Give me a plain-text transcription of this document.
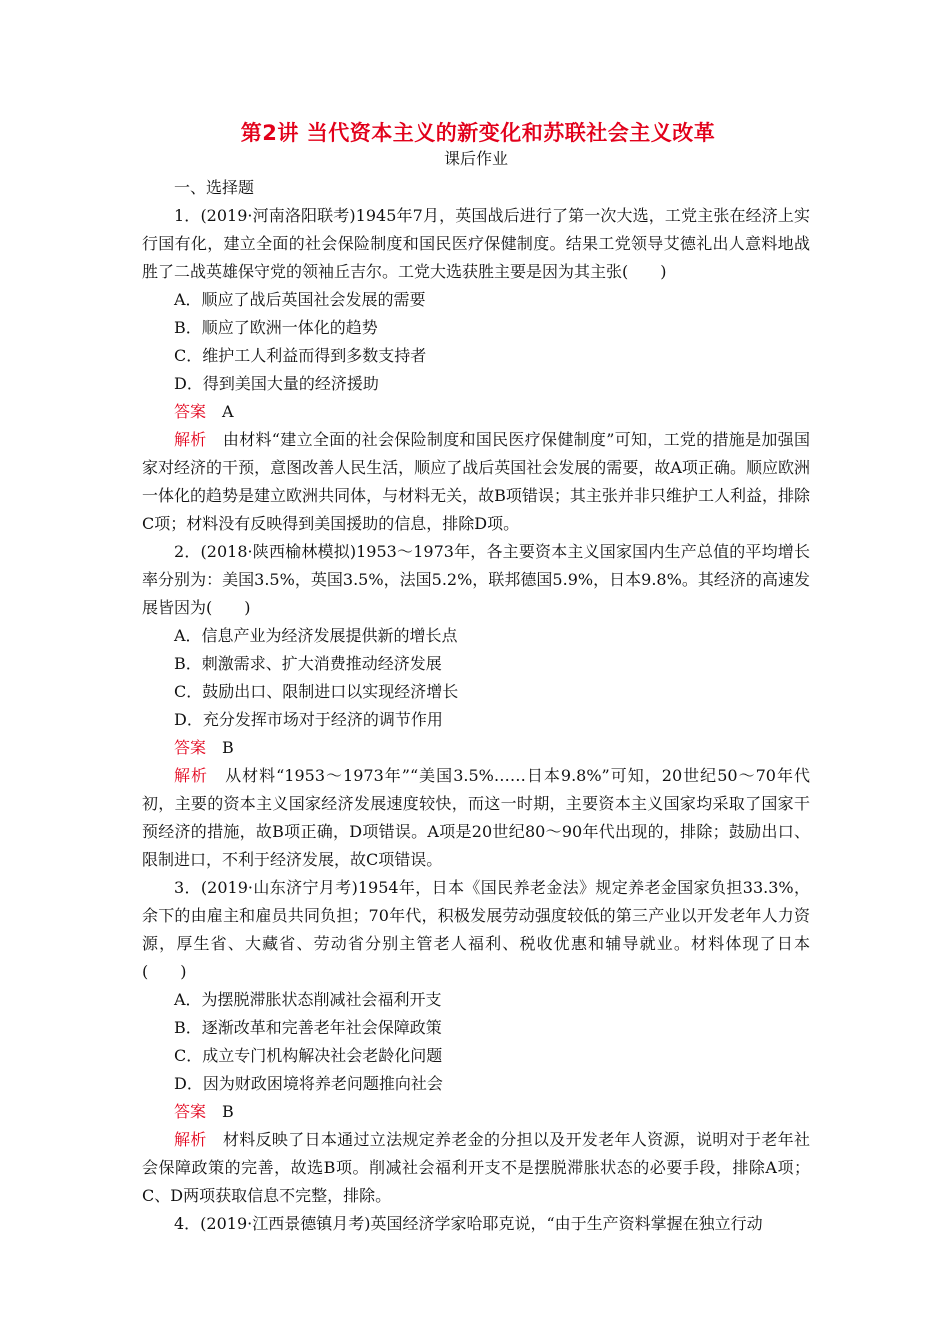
第2讲 当代资本主义的新变化和苏联社会主义改革
课后作业

一、选择题

1．(2019·河南洛阳联考)1945年7月，英国战后进行了第一次大选，工党主张在经济上实行国有化，建立全面的社会保险制度和国民医疗保健制度。结果工党领导艾德礼出人意料地战胜了二战英雄保守党的领袖丘吉尔。工党大选获胜主要是因为其主张(　　)

A．顺应了战后英国社会发展的需要

B．顺应了欧洲一体化的趋势

C．维护工人利益而得到多数支持者

D．得到美国大量的经济援助

答案 A

解析 由材料“建立全面的社会保险制度和国民医疗保健制度”可知，工党的措施是加强国家对经济的干预，意图改善人民生活，顺应了战后英国社会发展的需要，故A项正确。顺应欧洲一体化的趋势是建立欧洲共同体，与材料无关，故B项错误；其主张并非只维护工人利益，排除C项；材料没有反映得到美国援助的信息，排除D项。

2．(2018·陕西榆林模拟)1953～1973年，各主要资本主义国家国内生产总值的平均增长率分别为：美国3.5%，英国3.5%，法国5.2%，联邦德国5.9%，日本9.8%。其经济的高速发展皆因为(　　)

A．信息产业为经济发展提供新的增长点

B．刺激需求、扩大消费推动经济发展

C．鼓励出口、限制进口以实现经济增长

D．充分发挥市场对于经济的调节作用

答案 B

解析 从材料“1953～1973年”“美国3.5%……日本9.8%”可知，20世纪50～70年代初，主要的资本主义国家经济发展速度较快，而这一时期，主要资本主义国家均采取了国家干预经济的措施，故B项正确，D项错误。A项是20世纪80～90年代出现的，排除；鼓励出口、限制进口，不利于经济发展，故C项错误。

3．(2019·山东济宁月考)1954年，日本《国民养老金法》规定养老金国家负担33.3%，余下的由雇主和雇员共同负担；70年代，积极发展劳动强度较低的第三产业以开发老年人力资源，厚生省、大藏省、劳动省分别主管老人福利、税收优惠和辅导就业。材料体现了日本(　　)

A．为摆脱滞胀状态削减社会福利开支

B．逐渐改革和完善老年社会保障政策

C．成立专门机构解决社会老龄化问题

D．因为财政困境将养老问题推向社会

答案 B

解析 材料反映了日本通过立法规定养老金的分担以及开发老年人资源，说明对于老年社会保障政策的完善，故选B项。削减社会福利开支不是摆脱滞胀状态的必要手段，排除A项；C、D两项获取信息不完整，排除。

4．(2019·江西景德镇月考)英国经济学家哈耶克说，“由于生产资料掌握在独立行动
